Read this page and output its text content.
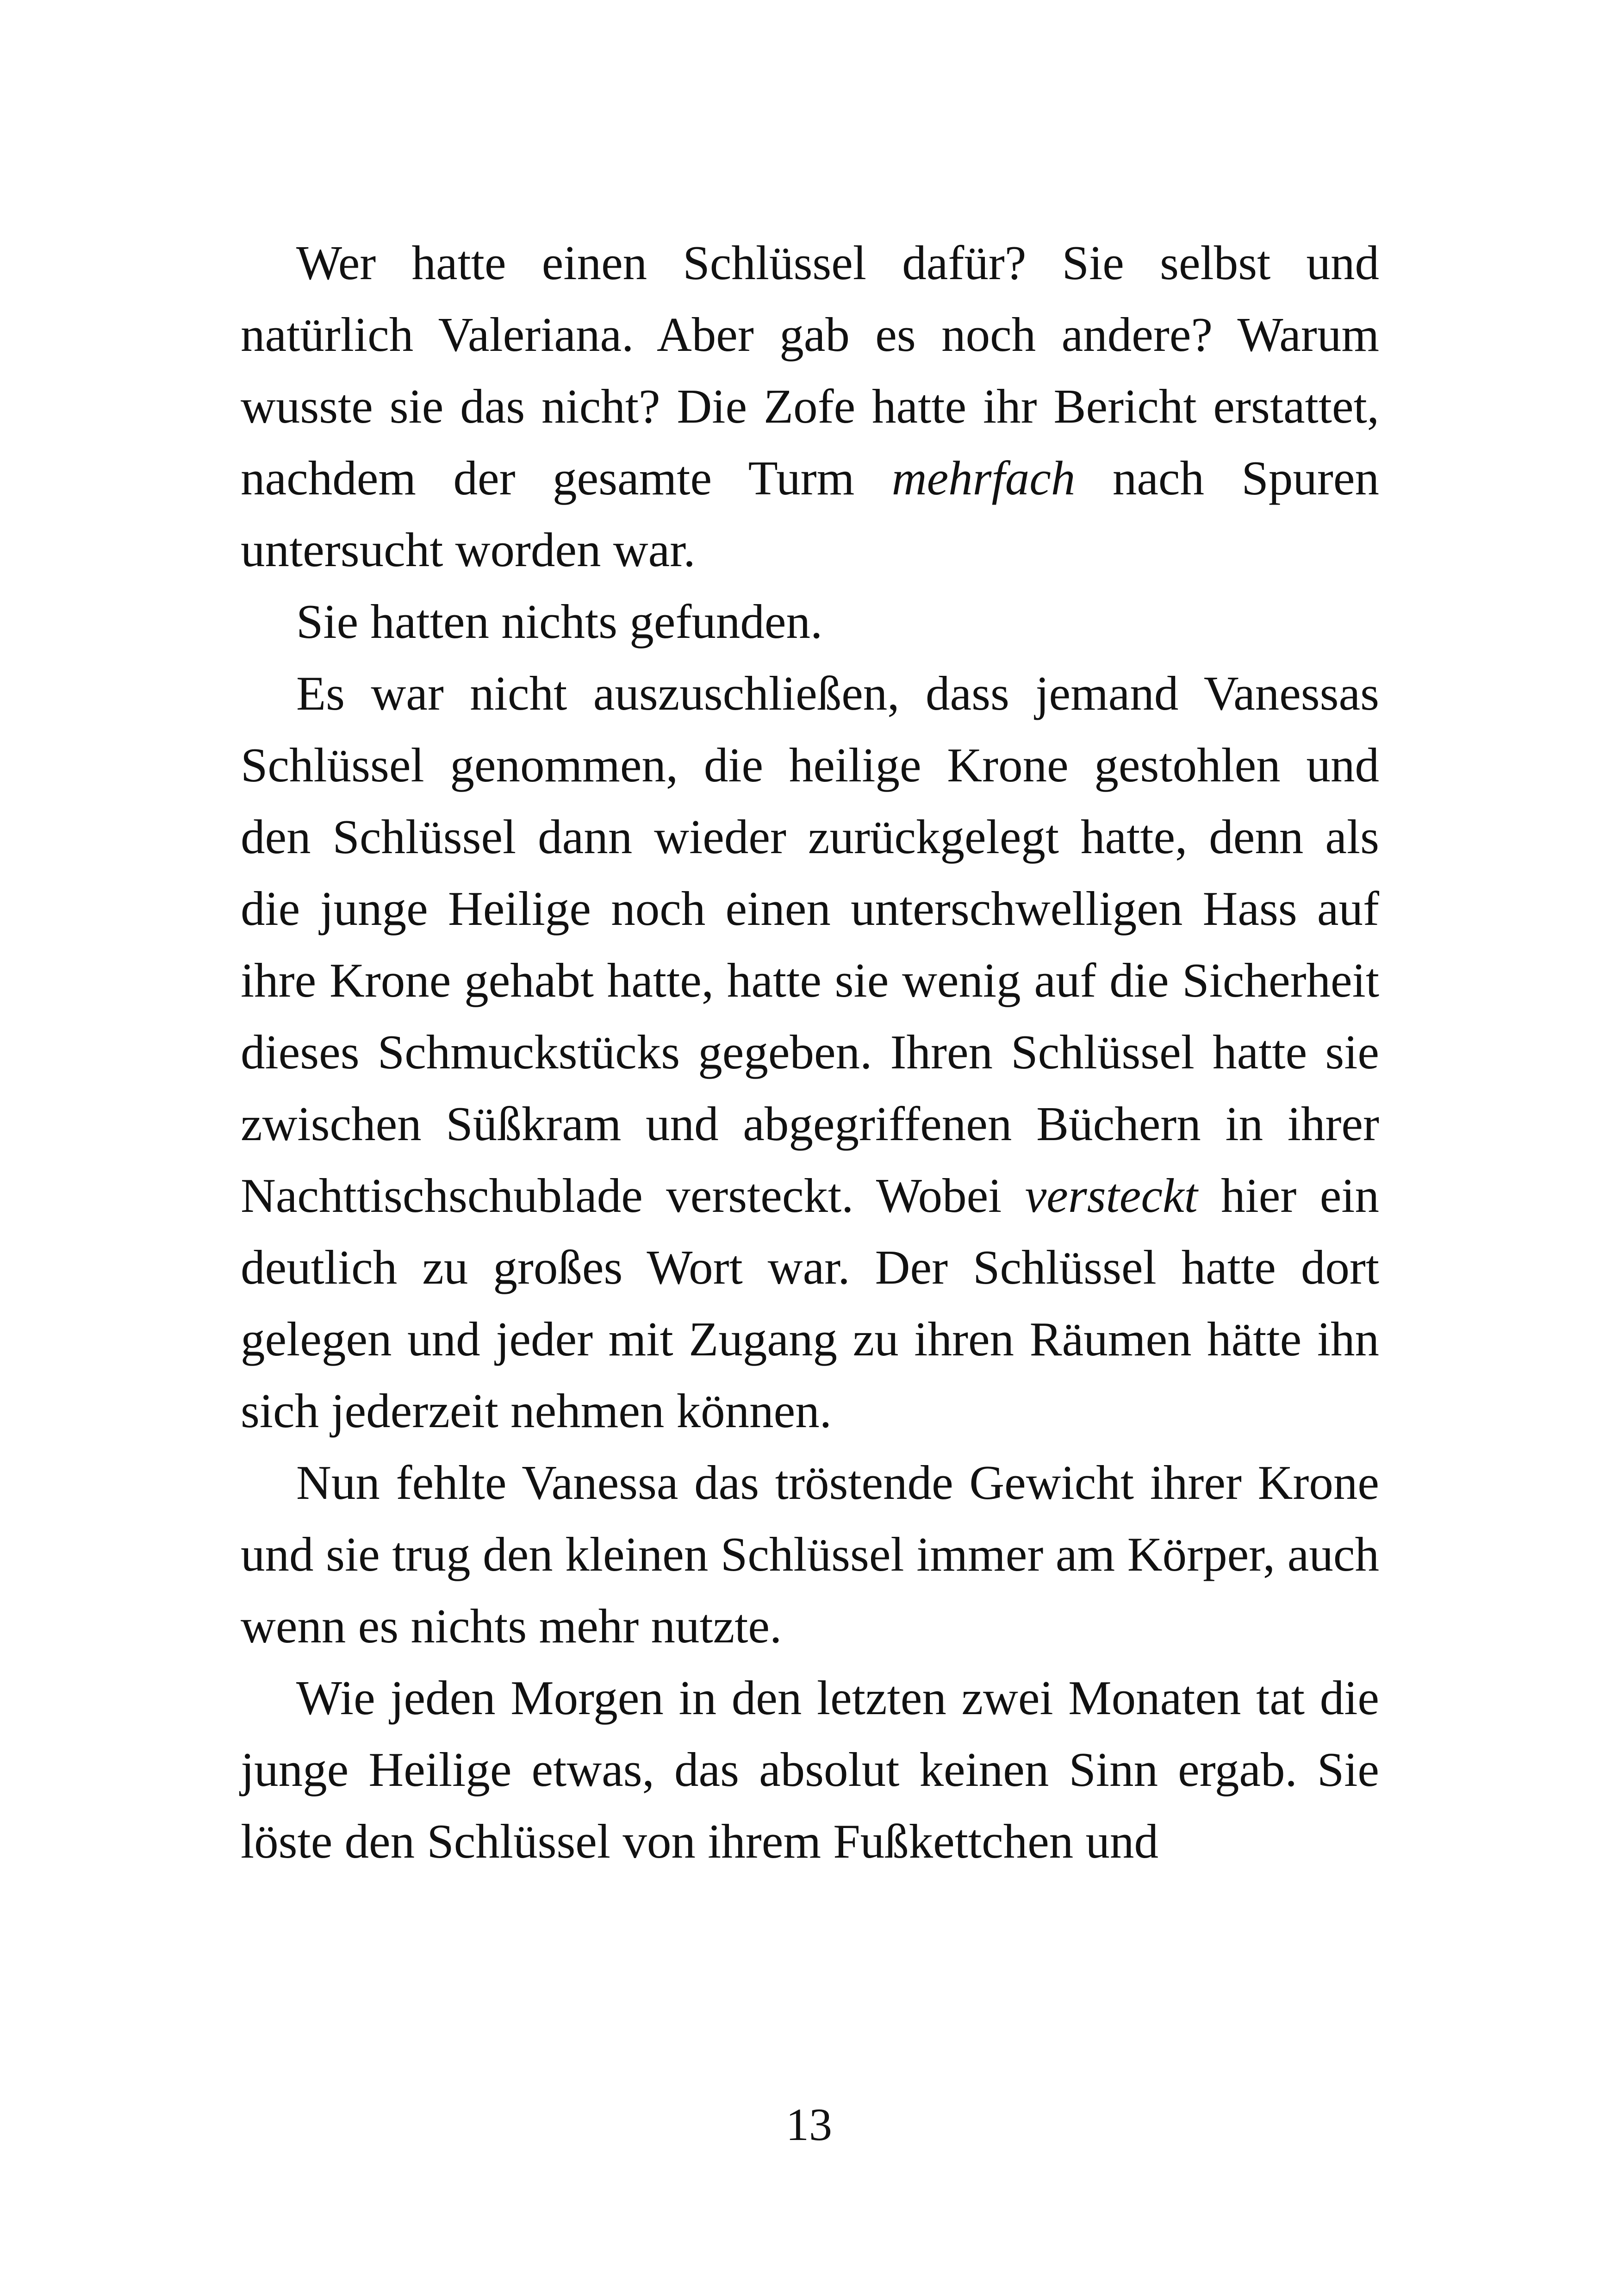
Wer hatte einen Schlüssel dafür? Sie selbst und natürlich Valeriana. Aber gab es noch andere? Warum wusste sie das nicht? Die Zofe hatte ihr Bericht erstattet, nachdem der gesamte Turm mehrfach nach Spuren untersucht worden war.

Sie hatten nichts gefunden.

Es war nicht auszuschließen, dass jemand Vanessas Schlüssel genommen, die heilige Krone gestohlen und den Schlüssel dann wieder zurückgelegt hatte, denn als die junge Heilige noch einen unterschwelligen Hass auf ihre Krone gehabt hatte, hatte sie wenig auf die Sicherheit dieses Schmuckstücks gegeben. Ihren Schlüssel hatte sie zwischen Süßkram und abgegriffenen Büchern in ihrer Nachttischschublade versteckt. Wobei versteckt hier ein deutlich zu großes Wort war. Der Schlüssel hatte dort gelegen und jeder mit Zugang zu ihren Räumen hätte ihn sich jederzeit nehmen können.

Nun fehlte Vanessa das tröstende Gewicht ihrer Krone und sie trug den kleinen Schlüssel immer am Körper, auch wenn es nichts mehr nutzte.

Wie jeden Morgen in den letzten zwei Monaten tat die junge Heilige etwas, das absolut keinen Sinn ergab. Sie löste den Schlüssel von ihrem Fußkettchen und

13
